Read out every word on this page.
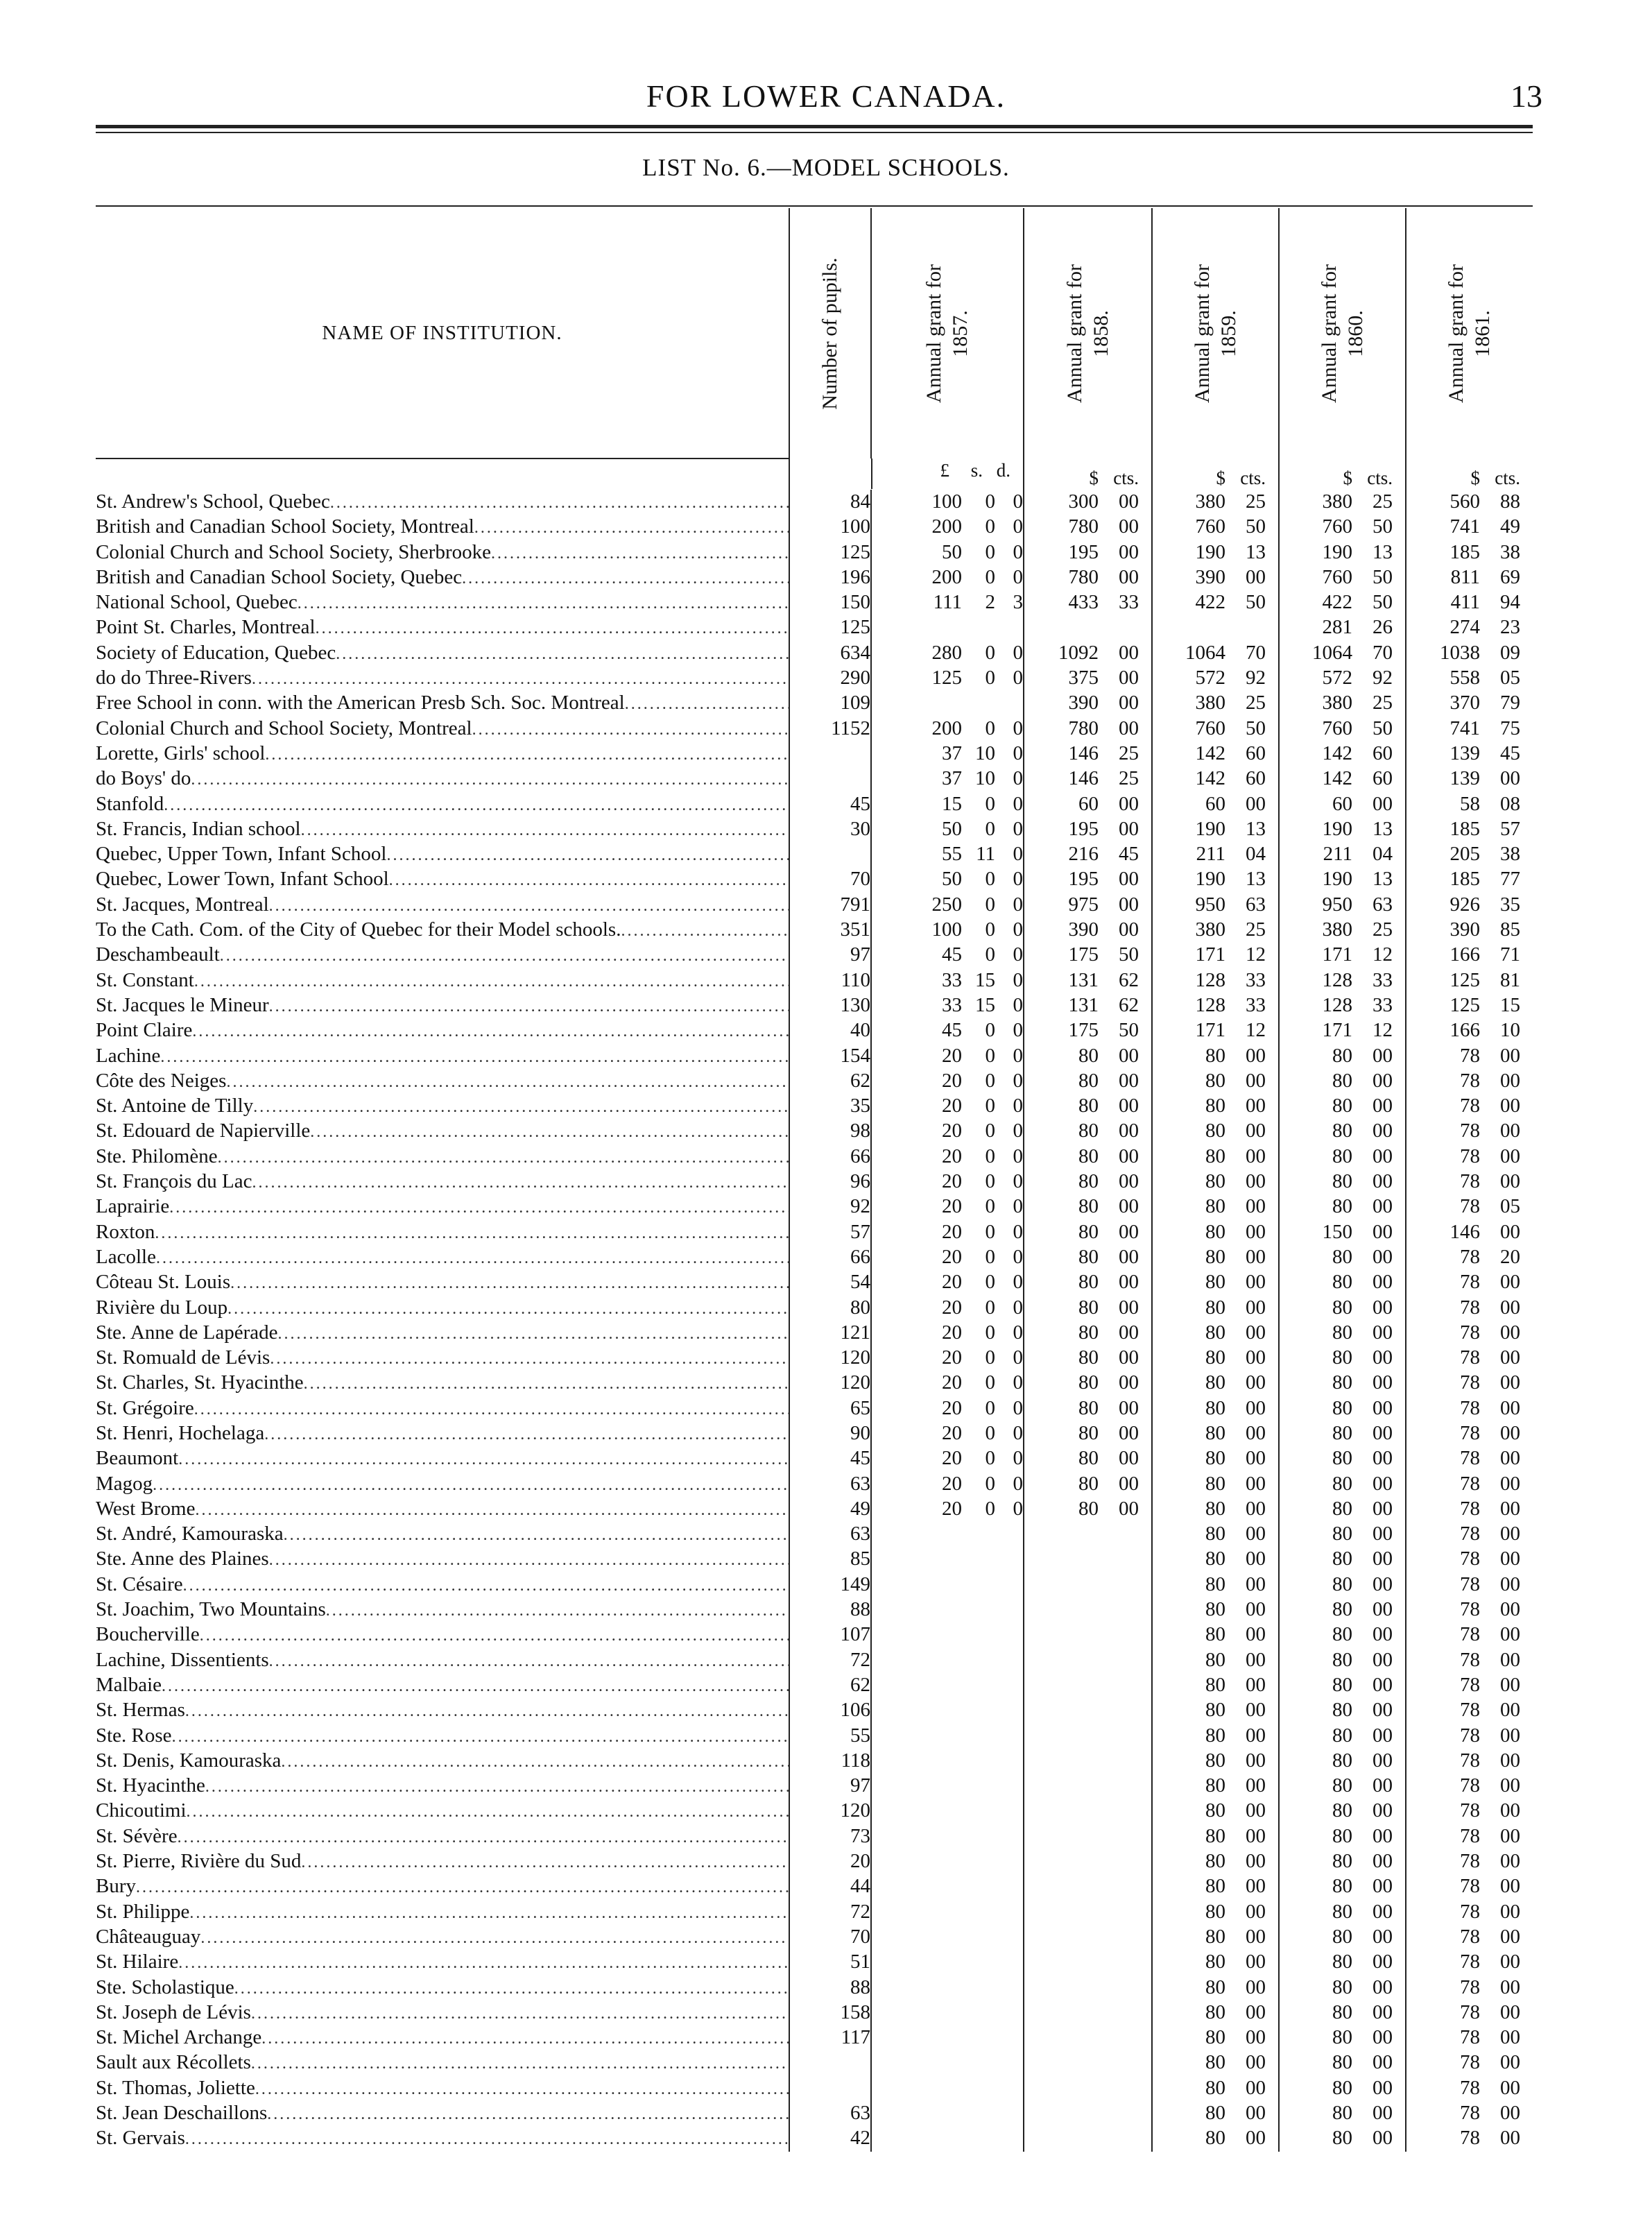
FOR LOWER CANADA.	13
LIST No. 6.—MODEL SCHOOLS.
NAME OF INSTITUTION.	Number of pupils.	Annual grant for 1857.	Annual grant for 1858.	Annual grant for 1859.	Annual grant for 1860.	Annual grant for 1861.

£	s. d.	$ cts.	$ cts.	$ cts.	$ cts.

St. Andrew's School, Quebec
.....	84	100 0 0	300 00	380 25	380 25	560 88

British and Canadian School Society, Montreal
.....	100	200 0 0	780 00	760 50	760 50	741 49

Colonial Church and School Society, Sherbrooke
.....	125	50 0 0	195 00	190 13	190 13	185 38

British and Canadian School Society, Quebec
.....	196	200 0 0	780 00	390 00	760 50	811 69

National School, Quebec
.....	150	111 2 3	433 33	422 50	422 50	411 94

Point St. Charles, Montreal
.....	125				281 26	274 23

Society of Education, Quebec
.....	634	280 0 0	1092 00	1064 70	1064 70	1038 09

do do Three-Rivers
.....	290	125 0 0	375 00	572 92	572 92	558 05

Free School in conn. with the American Presb Sch. Soc. Montreal
.....	109		390 00	380 25	380 25	370 79

Colonial Church and School Society, Montreal
.....	1152	200 0 0	780 00	760 50	760 50	741 75

Lorette, Girls' school
.....		37 10 0	146 25	142 60	142 60	139 45

do Boys' do
.....		37 10 0	146 25	142 60	142 60	139 00

Stanfold
.....	45	15 0 0	60 00	60 00	60 00	58 08

St. Francis, Indian school
.....	30	50 0 0	195 00	190 13	190 13	185 57

Quebec, Upper Town, Infant School
.....		55 11 0	216 45	211 04	211 04	205 38

Quebec, Lower Town, Infant School
.....	70	50 0 0	195 00	190 13	190 13	185 77

St. Jacques, Montreal
.....	791	250 0 0	975 00	950 63	950 63	926 35

To the Cath. Com. of the City of Quebec for their Model schools.
.....	351	100 0 0	390 00	380 25	380 25	390 85

Deschambeault
.....	97	45 0 0	175 50	171 12	171 12	166 71

St. Constant
.....	110	33 15 0	131 62	128 33	128 33	125 81

St. Jacques le Mineur
.....	130	33 15 0	131 62	128 33	128 33	125 15

Point Claire
.....	40	45 0 0	175 50	171 12	171 12	166 10

Lachine
.....	154	20 0 0	80 00	80 00	80 00	78 00

Côte des Neiges
.....	62	20 0 0	80 00	80 00	80 00	78 00

St. Antoine de Tilly
.....	35	20 0 0	80 00	80 00	80 00	78 00

St. Edouard de Napierville
.....	98	20 0 0	80 00	80 00	80 00	78 00

Ste. Philomène
.....	66	20 0 0	80 00	80 00	80 00	78 00

St. François du Lac
.....	96	20 0 0	80 00	80 00	80 00	78 00

Laprairie
.....	92	20 0 0	80 00	80 00	80 00	78 05

Roxton
.....	57	20 0 0	80 00	80 00	150 00	146 00

Lacolle
.....	66	20 0 0	80 00	80 00	80 00	78 20

Côteau St. Louis
.....	54	20 0 0	80 00	80 00	80 00	78 00

Rivière du Loup
.....	80	20 0 0	80 00	80 00	80 00	78 00

Ste. Anne de Lapérade
.....	121	20 0 0	80 00	80 00	80 00	78 00

St. Romuald de Lévis
.....	120	20 0 0	80 00	80 00	80 00	78 00

St. Charles, St. Hyacinthe
.....	120	20 0 0	80 00	80 00	80 00	78 00

St. Grégoire
.....	65	20 0 0	80 00	80 00	80 00	78 00

St. Henri, Hochelaga
.....	90	20 0 0	80 00	80 00	80 00	78 00

Beaumont
.....	45	20 0 0	80 00	80 00	80 00	78 00

Magog
.....	63	20 0 0	80 00	80 00	80 00	78 00

West Brome
.....	49	20 0 0	80 00	80 00	80 00	78 00

St. André, Kamouraska
.....	63			80 00	80 00	78 00

Ste. Anne des Plaines
.....	85			80 00	80 00	78 00

St. Césaire
.....	149			80 00	80 00	78 00

St. Joachim, Two Mountains
.....	88			80 00	80 00	78 00

Boucherville
.....	107			80 00	80 00	78 00

Lachine, Dissentients
.....	72			80 00	80 00	78 00

Malbaie
.....	62			80 00	80 00	78 00

St. Hermas
.....	106			80 00	80 00	78 00

Ste. Rose
.....	55			80 00	80 00	78 00

St. Denis, Kamouraska
.....	118			80 00	80 00	78 00

St. Hyacinthe
.....	97			80 00	80 00	78 00

Chicoutimi
.....	120			80 00	80 00	78 00

St. Sévère
.....	73			80 00	80 00	78 00

St. Pierre, Rivière du Sud
.....	20			80 00	80 00	78 00

Bury
.....	44			80 00	80 00	78 00

St. Philippe
.....	72			80 00	80 00	78 00

Châteauguay
.....	70			80 00	80 00	78 00

St. Hilaire
.....	51			80 00	80 00	78 00

Ste. Scholastique
.....	88			80 00	80 00	78 00

St. Joseph de Lévis
.....	158			80 00	80 00	78 00

St. Michel Archange
.....	117			80 00	80 00	78 00

Sault aux Récollets
.....				80 00	80 00	78 00

St. Thomas, Joliette
.....				80 00	80 00	78 00

St. Jean Deschaillons
.....	63			80 00	80 00	78 00

St. Gervais
.....	42			80 00	80 00	78 00
